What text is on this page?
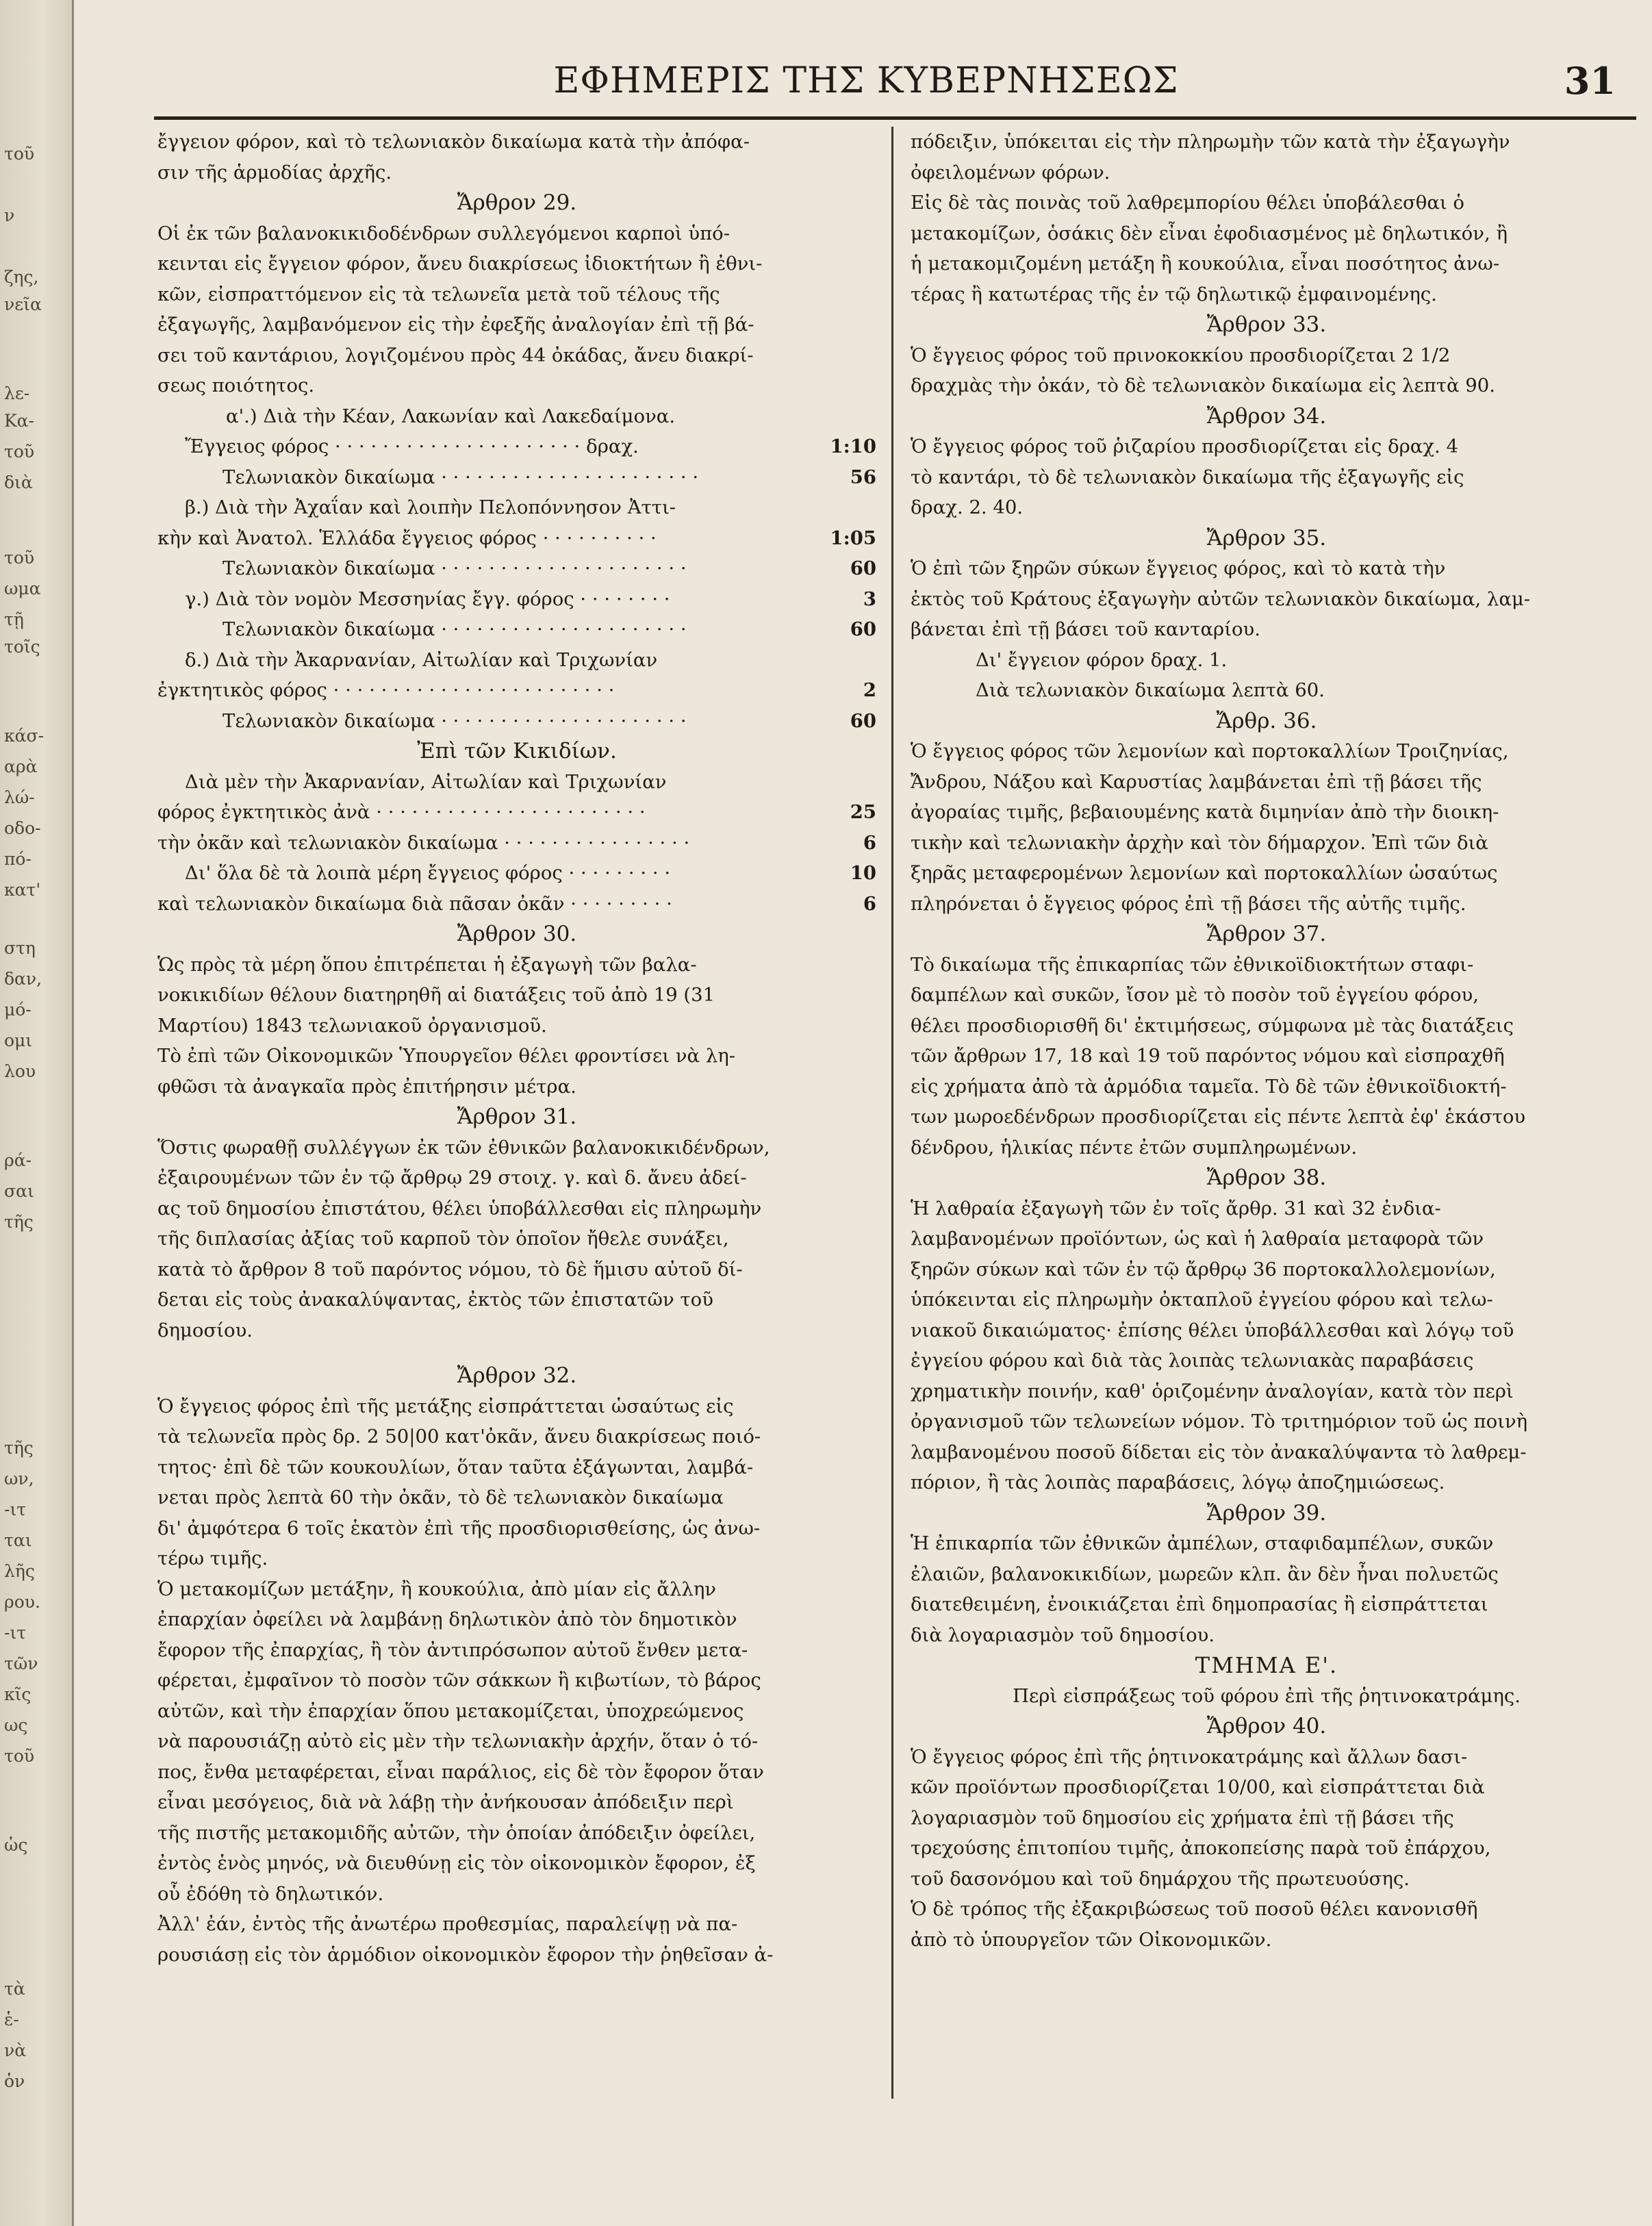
τοῦ
ν
ζης,
νεῖα
λε-
Κα-
τοῦ
διὰ
τοῦ
ωμα
τῇ
τοῖς
κάσ-
αρὰ
λώ-
οδο-
πό-
κατ'
στη
δαν,
μό-
ομι
λου
ρά-
σαι
τῆς
τῆς
ων,
-ιτ
ται
λῆς
ρου.
-ιτ
τῶν
κῖς
ως
τοῦ
ὡς
τὰ
ἑ-
νὰ
ὁν
ΕΦΗΜΕΡΙΣ ΤΗΣ ΚΥΒΕΡΝΗΣΕΩΣ	31
ἔγγειον φόρον, καὶ τὸ τελωνιακὸν δικαίωμα κατὰ τὴν ἀπόφα-
σιν τῆς ἁρμοδίας ἀρχῆς.
Ἄρθρον 29.
Οἱ ἐκ τῶν βαλανοκικιδοδένδρων συλλεγόμενοι καρποὶ ὑπό-
κεινται εἰς ἔγγειον φόρον, ἄνευ διακρίσεως ἰδιοκτήτων ἢ ἐθνι-
κῶν, εἰσπραττόμενον εἰς τὰ τελωνεῖα μετὰ τοῦ τέλους τῆς
ἐξαγωγῆς, λαμβανόμενον εἰς τὴν ἐφεξῆς ἀναλογίαν ἐπὶ τῇ βά-
σει τοῦ καντάριου, λογιζομένου πρὸς 44 ὀκάδας, ἄνευ διακρί-
σεως ποιότητος.
α'.) Διὰ τὴν Κέαν, Λακωνίαν καὶ Λακεδαίμονα.
Ἔγγειος φόρος · · · · · · · · · · · · · · · · · · · · · δραχ.	1:10
Τελωνιακὸν δικαίωμα · · · · · · · · · · · · · · · · · · · · · ·	56
β.) Διὰ τὴν Ἀχαΐαν καὶ λοιπὴν Πελοπόννησον Ἀττι-
κὴν καὶ Ἀνατολ. Ἑλλάδα ἔγγειος φόρος · · · · · · · · · ·	1:05
Τελωνιακὸν δικαίωμα · · · · · · · · · · · · · · · · · · · · ·	60
γ.) Διὰ τὸν νομὸν Μεσσηνίας ἔγγ. φόρος · · · · · · · ·	3
Τελωνιακὸν δικαίωμα · · · · · · · · · · · · · · · · · · · · ·	60
δ.) Διὰ τὴν Ἀκαρνανίαν, Αἰτωλίαν καὶ Τριχωνίαν
ἐγκτητικὸς φόρος · · · · · · · · · · · · · · · · · · · · · · · ·	2
Τελωνιακὸν δικαίωμα · · · · · · · · · · · · · · · · · · · · ·	60
Ἐπὶ τῶν Κικιδίων.
Διὰ μὲν τὴν Ἀκαρνανίαν, Αἰτωλίαν καὶ Τριχωνίαν
φόρος ἐγκτητικὸς ἀνὰ · · · · · · · · · · · · · · · · · · · · · · ·	25
τὴν ὀκᾶν καὶ τελωνιακὸν δικαίωμα · · · · · · · · · · · · · · · ·	6
Δι' ὅλα δὲ τὰ λοιπὰ μέρη ἔγγειος φόρος · · · · · · · · ·	10
καὶ τελωνιακὸν δικαίωμα διὰ πᾶσαν ὀκᾶν · · · · · · · · ·	6
Ἄρθρον 30.
Ὡς πρὸς τὰ μέρη ὅπου ἐπιτρέπεται ἡ ἐξαγωγὴ τῶν βαλα-
νοκικιδίων θέλουν διατηρηθῆ αἱ διατάξεις τοῦ ἀπὸ 19 (31
Μαρτίου) 1843 τελωνιακοῦ ὀργανισμοῦ.
Τὸ ἐπὶ τῶν Οἰκονομικῶν Ὑπουργεῖον θέλει φροντίσει νὰ λη-
φθῶσι τὰ ἀναγκαῖα πρὸς ἐπιτήρησιν μέτρα.
Ἄρθρον 31.
Ὅστις φωραθῇ συλλέγγων ἐκ τῶν ἐθνικῶν βαλανοκικιδένδρων,
ἐξαιρουμένων τῶν ἐν τῷ ἄρθρῳ 29 στοιχ. γ. καὶ δ. ἄνευ ἀδεί-
ας τοῦ δημοσίου ἐπιστάτου, θέλει ὑποβάλλεσθαι εἰς πληρωμὴν
τῆς διπλασίας ἀξίας τοῦ καρποῦ τὸν ὁποῖον ἤθελε συνάξει,
κατὰ τὸ ἄρθρον 8 τοῦ παρόντος νόμου, τὸ δὲ ἥμισυ αὐτοῦ δί-
δεται εἰς τοὺς ἀνακαλύψαντας, ἐκτὸς τῶν ἐπιστατῶν τοῦ
δημοσίου.
Ἄρθρον 32.
Ὁ ἔγγειος φόρος ἐπὶ τῆς μετάξης εἰσπράττεται ὡσαύτως εἰς
τὰ τελωνεῖα πρὸς δρ. 2 50|00 κατ'ὀκᾶν, ἄνευ διακρίσεως ποιό-
τητος· ἐπὶ δὲ τῶν κουκουλίων, ὅταν ταῦτα ἐξάγωνται, λαμβά-
νεται πρὸς λεπτὰ 60 τὴν ὀκᾶν, τὸ δὲ τελωνιακὸν δικαίωμα
δι' ἀμφότερα 6 τοῖς ἑκατὸν ἐπὶ τῆς προσδιορισθείσης, ὡς ἀνω-
τέρω τιμῆς.
Ὁ μετακομίζων μετάξην, ἢ κουκούλια, ἀπὸ μίαν εἰς ἄλλην
ἐπαρχίαν ὀφείλει νὰ λαμβάνῃ δηλωτικὸν ἀπὸ τὸν δημοτικὸν
ἔφορον τῆς ἐπαρχίας, ἢ τὸν ἀντιπρόσωπον αὐτοῦ ἔνθεν μετα-
φέρεται, ἐμφαῖνον τὸ ποσὸν τῶν σάκκων ἢ κιβωτίων, τὸ βάρος
αὐτῶν, καὶ τὴν ἐπαρχίαν ὅπου μετακομίζεται, ὑποχρεώμενος
νὰ παρουσιάζῃ αὐτὸ εἰς μὲν τὴν τελωνιακὴν ἀρχήν, ὅταν ὁ τό-
πος, ἔνθα μεταφέρεται, εἶναι παράλιος, εἰς δὲ τὸν ἔφορον ὅταν
εἶναι μεσόγειος, διὰ νὰ λάβῃ τὴν ἀνήκουσαν ἀπόδειξιν περὶ
τῆς πιστῆς μετακομιδῆς αὐτῶν, τὴν ὁποίαν ἀπόδειξιν ὀφείλει,
ἐντὸς ἑνὸς μηνός, νὰ διευθύνῃ εἰς τὸν οἰκονομικὸν ἔφορον, ἐξ
οὗ ἐδόθη τὸ δηλωτικόν.
Ἀλλ' ἐάν, ἐντὸς τῆς ἀνωτέρω προθεσμίας, παραλείψῃ νὰ πα-
ρουσιάσῃ εἰς τὸν ἁρμόδιον οἰκονομικὸν ἔφορον τὴν ῥηθεῖσαν ἀ-
πόδειξιν, ὑπόκειται εἰς τὴν πληρωμὴν τῶν κατὰ τὴν ἐξαγωγὴν
ὀφειλομένων φόρων.
Εἰς δὲ τὰς ποινὰς τοῦ λαθρεμπορίου θέλει ὑποβάλεσθαι ὁ
μετακομίζων, ὁσάκις δὲν εἶναι ἐφοδιασμένος μὲ δηλωτικόν, ἢ
ἡ μετακομιζομένη μετάξη ἢ κουκούλια, εἶναι ποσότητος ἀνω-
τέρας ἢ κατωτέρας τῆς ἐν τῷ δηλωτικῷ ἐμφαινομένης.
Ἄρθρον 33.
Ὁ ἔγγειος φόρος τοῦ πρινοκοκκίου προσδιορίζεται 2 1/2
δραχμὰς τὴν ὀκάν, τὸ δὲ τελωνιακὸν δικαίωμα εἰς λεπτὰ 90.
Ἄρθρον 34.
Ὁ ἔγγειος φόρος τοῦ ῥιζαρίου προσδιορίζεται εἰς δραχ. 4
τὸ καντάρι, τὸ δὲ τελωνιακὸν δικαίωμα τῆς ἐξαγωγῆς εἰς
δραχ. 2. 40.
Ἄρθρον 35.
Ὁ ἐπὶ τῶν ξηρῶν σύκων ἔγγειος φόρος, καὶ τὸ κατὰ τὴν
ἐκτὸς τοῦ Κράτους ἐξαγωγὴν αὐτῶν τελωνιακὸν δικαίωμα, λαμ-
βάνεται ἐπὶ τῇ βάσει τοῦ κανταρίου.
Δι' ἔγγειον φόρον δραχ. 1.
Διὰ τελωνιακὸν δικαίωμα λεπτὰ 60.
Ἄρθρ. 36.
Ὁ ἔγγειος φόρος τῶν λεμονίων καὶ πορτοκαλλίων Τροιζηνίας,
Ἄνδρου, Νάξου καὶ Καρυστίας λαμβάνεται ἐπὶ τῇ βάσει τῆς
ἀγοραίας τιμῆς, βεβαιουμένης κατὰ διμηνίαν ἀπὸ τὴν διοικη-
τικὴν καὶ τελωνιακὴν ἀρχὴν καὶ τὸν δήμαρχον. Ἐπὶ τῶν διὰ
ξηρᾶς μεταφερομένων λεμονίων καὶ πορτοκαλλίων ὡσαύτως
πληρόνεται ὁ ἔγγειος φόρος ἐπὶ τῇ βάσει τῆς αὐτῆς τιμῆς.
Ἄρθρον 37.
Τὸ δικαίωμα τῆς ἐπικαρπίας τῶν ἐθνικοϊδιοκτήτων σταφι-
δαμπέλων καὶ συκῶν, ἴσον μὲ τὸ ποσὸν τοῦ ἐγγείου φόρου,
θέλει προσδιορισθῆ δι' ἐκτιμήσεως, σύμφωνα μὲ τὰς διατάξεις
τῶν ἄρθρων 17, 18 καὶ 19 τοῦ παρόντος νόμου καὶ εἰσπραχθῆ
εἰς χρήματα ἀπὸ τὰ ἁρμόδια ταμεῖα. Τὸ δὲ τῶν ἐθνικοϊδιοκτή-
των μωροεδένδρων προσδιορίζεται εἰς πέντε λεπτὰ ἐφ' ἑκάστου
δένδρου, ἡλικίας πέντε ἐτῶν συμπληρωμένων.
Ἄρθρον 38.
Ἡ λαθραία ἐξαγωγὴ τῶν ἐν τοῖς ἄρθρ. 31 καὶ 32 ἐνδια-
λαμβανομένων προϊόντων, ὡς καὶ ἡ λαθραία μεταφορὰ τῶν
ξηρῶν σύκων καὶ τῶν ἐν τῷ ἄρθρῳ 36 πορτοκαλλολεμονίων,
ὑπόκεινται εἰς πληρωμὴν ὀκταπλοῦ ἐγγείου φόρου καὶ τελω-
νιακοῦ δικαιώματος· ἐπίσης θέλει ὑποβάλλεσθαι καὶ λόγῳ τοῦ
ἐγγείου φόρου καὶ διὰ τὰς λοιπὰς τελωνιακὰς παραβάσεις
χρηματικὴν ποινήν, καθ' ὁριζομένην ἀναλογίαν, κατὰ τὸν περὶ
ὀργανισμοῦ τῶν τελωνείων νόμον. Τὸ τριτημόριον τοῦ ὡς ποινὴ
λαμβανομένου ποσοῦ δίδεται εἰς τὸν ἀνακαλύψαντα τὸ λαθρεμ-
πόριον, ἢ τὰς λοιπὰς παραβάσεις, λόγῳ ἀποζημιώσεως.
Ἄρθρον 39.
Ἡ ἐπικαρπία τῶν ἐθνικῶν ἀμπέλων, σταφιδαμπέλων, συκῶν
ἐλαιῶν, βαλανοκικιδίων, μωρεῶν κλπ. ἂν δὲν ἦναι πολυετῶς
διατεθειμένη, ἐνοικιάζεται ἐπὶ δημοπρασίας ἢ εἰσπράττεται
διὰ λογαριασμὸν τοῦ δημοσίου.
ΤΜΗΜΑ Ε'.
Περὶ εἰσπράξεως τοῦ φόρου ἐπὶ τῆς ῥητινοκατράμης.
Ἄρθρον 40.
Ὁ ἔγγειος φόρος ἐπὶ τῆς ῥητινοκατράμης καὶ ἄλλων δασι-
κῶν προϊόντων προσδιορίζεται 10/00, καὶ εἰσπράττεται διὰ
λογαριασμὸν τοῦ δημοσίου εἰς χρήματα ἐπὶ τῇ βάσει τῆς
τρεχούσης ἐπιτοπίου τιμῆς, ἀποκοπείσης παρὰ τοῦ ἐπάρχου,
τοῦ δασονόμου καὶ τοῦ δημάρχου τῆς πρωτευούσης.
Ὁ δὲ τρόπος τῆς ἐξακριβώσεως τοῦ ποσοῦ θέλει κανονισθῆ
ἀπὸ τὸ ὑπουργεῖον τῶν Οἰκονομικῶν.
